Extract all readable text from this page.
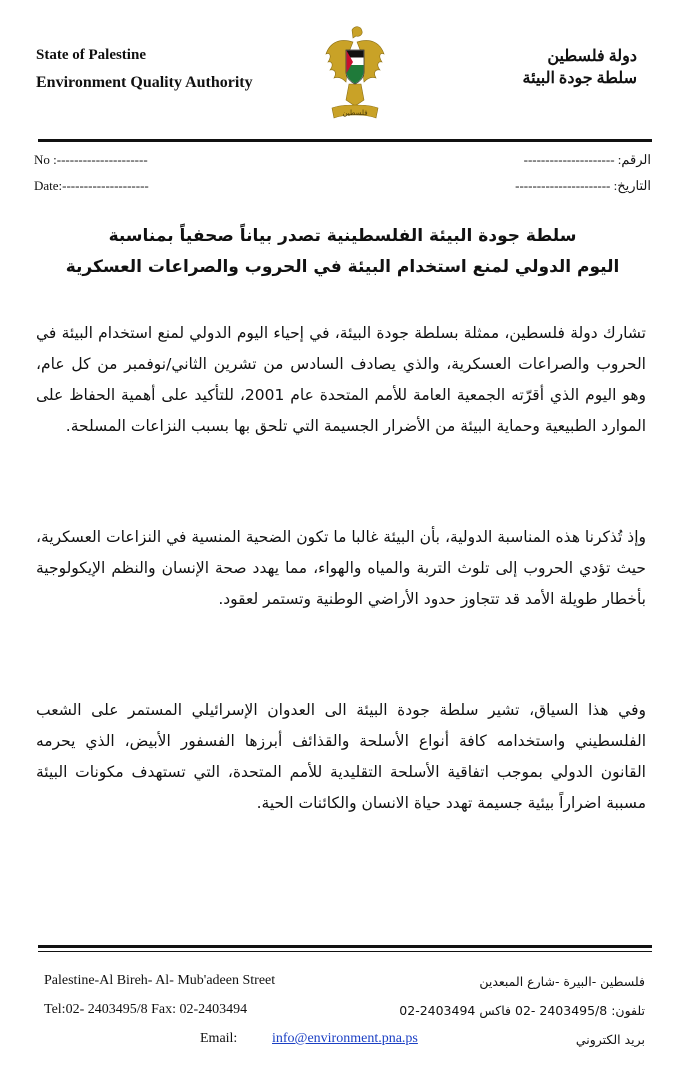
State of Palestine
Environment Quality Authority
دولة فلسطين
سلطة جودة البيئة
فلسطين
No :---------------------
Date:--------------------
الرقم: ---------------------
التاريخ: ----------------------
سلطة جودة البيئة الفلسطينية تصدر بياناً صحفياً بمناسبة
اليوم الدولي لمنع استخدام البيئة في الحروب والصراعات العسكرية
تشارك دولة فلسطين، ممثلة بسلطة جودة البيئة، في إحياء اليوم الدولي لمنع استخدام البيئة في الحروب والصراعات العسكرية، والذي يصادف السادس من تشرين الثاني/نوفمبر من كل عام، وهو اليوم الذي أقرّته الجمعية العامة للأمم المتحدة عام 2001، للتأكيد على أهمية الحفاظ على الموارد الطبيعية وحماية البيئة من الأضرار الجسيمة التي تلحق بها بسبب النزاعات المسلحة.
وإذ تُذكرنا هذه المناسبة الدولية، بأن البيئة غالبا ما تكون الضحية المنسية في النزاعات العسكرية، حيث تؤدي الحروب إلى تلوث التربة والمياه والهواء، مما يهدد صحة الإنسان والنظم الإيكولوجية بأخطار طويلة الأمد قد تتجاوز حدود الأراضي الوطنية وتستمر لعقود.
وفي هذا السياق، تشير سلطة جودة البيئة الى العدوان الإسرائيلي المستمر على الشعب الفلسطيني واستخدامه كافة أنواع الأسلحة والقذائف أبرزها الفسفور الأبيض، الذي يحرمه القانون الدولي بموجب اتفاقية الأسلحة التقليدية للأمم المتحدة، التي تستهدف مكونات البيئة مسببة اضراراً بيئية جسيمة تهدد حياة الانسان والكائنات الحية.
Palestine-Al Bireh- Al- Mub'adeen Street
Tel:02- 2403495/8 Fax: 02-2403494
Email: info@environment.pna.ps
فلسطين -البيرة -شارع المبعدين
تلفون: 2403495/8 -02 فاكس 2403494-02
بريد الكتروني
